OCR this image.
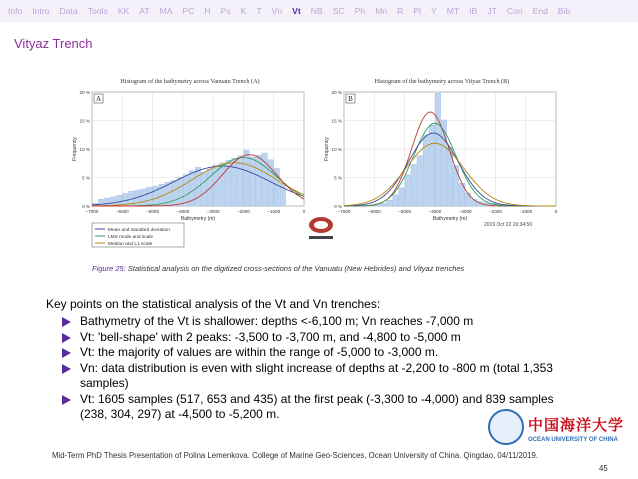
Info	Intro	Data	Tools	KK	AT	MA	PC	H	Ps	K	T	Vn	Vt	NB	SC	Ph	Mn	R	Pl	Y	MT	IB	JT	Con	End	Bib
Vityaz Trench
Histogram of the bathymetry across Vanuatu Trench (A)
0 %
5 %
10 %
15 %
20 %
−7000	−6000	−5000	−4000	−3000	−2000	−1000	0
Bathymetry (m)
Frequency
A
Mean and standard deviation
LMS mode and scale
Median and L1 scale
Histogram of the bathymetry across Vityaz Trench (B)
0 %
5 %
10 %
15 %
20 %
−7000	−6000	−5000	−4000	−3000	−2000	−1000	0
Bathymetry (m)
Frequency
B
2019 Oct 22 19:34:50
Figure 25: Statistical analysis on the digitized cross-sections of the Vanuatu (New Hebrides) and Vityaz trenches
Key points on the statistical analysis of the Vt and Vn trenches:
Bathymetry of the Vt is shallower: depths <-6,100 m; Vn reaches -7,000 m
Vt: 'bell-shape' with 2 peaks: -3,500 to -3,700 m, and -4,800 to -5,000 m
Vt: the majority of values are within the range of -5,000 to -3,000 m.
Vn: data distribution is even with slight increase of depths at -2,200 to -800 m (total 1,353 samples)
Vt: 1605 samples (517, 653 and 435) at the first peak (-3,300 to -4,000) and 839 samples (238, 304, 297) at -4,500 to -5,200 m.
中国海洋大学
OCEAN UNIVERSITY OF CHINA
Mid-Term PhD Thesis Presentation of Polina Lemenkova. College of Marine Geo-Sciences, Ocean University of China. Qingdao, 04/11/2019.
45
